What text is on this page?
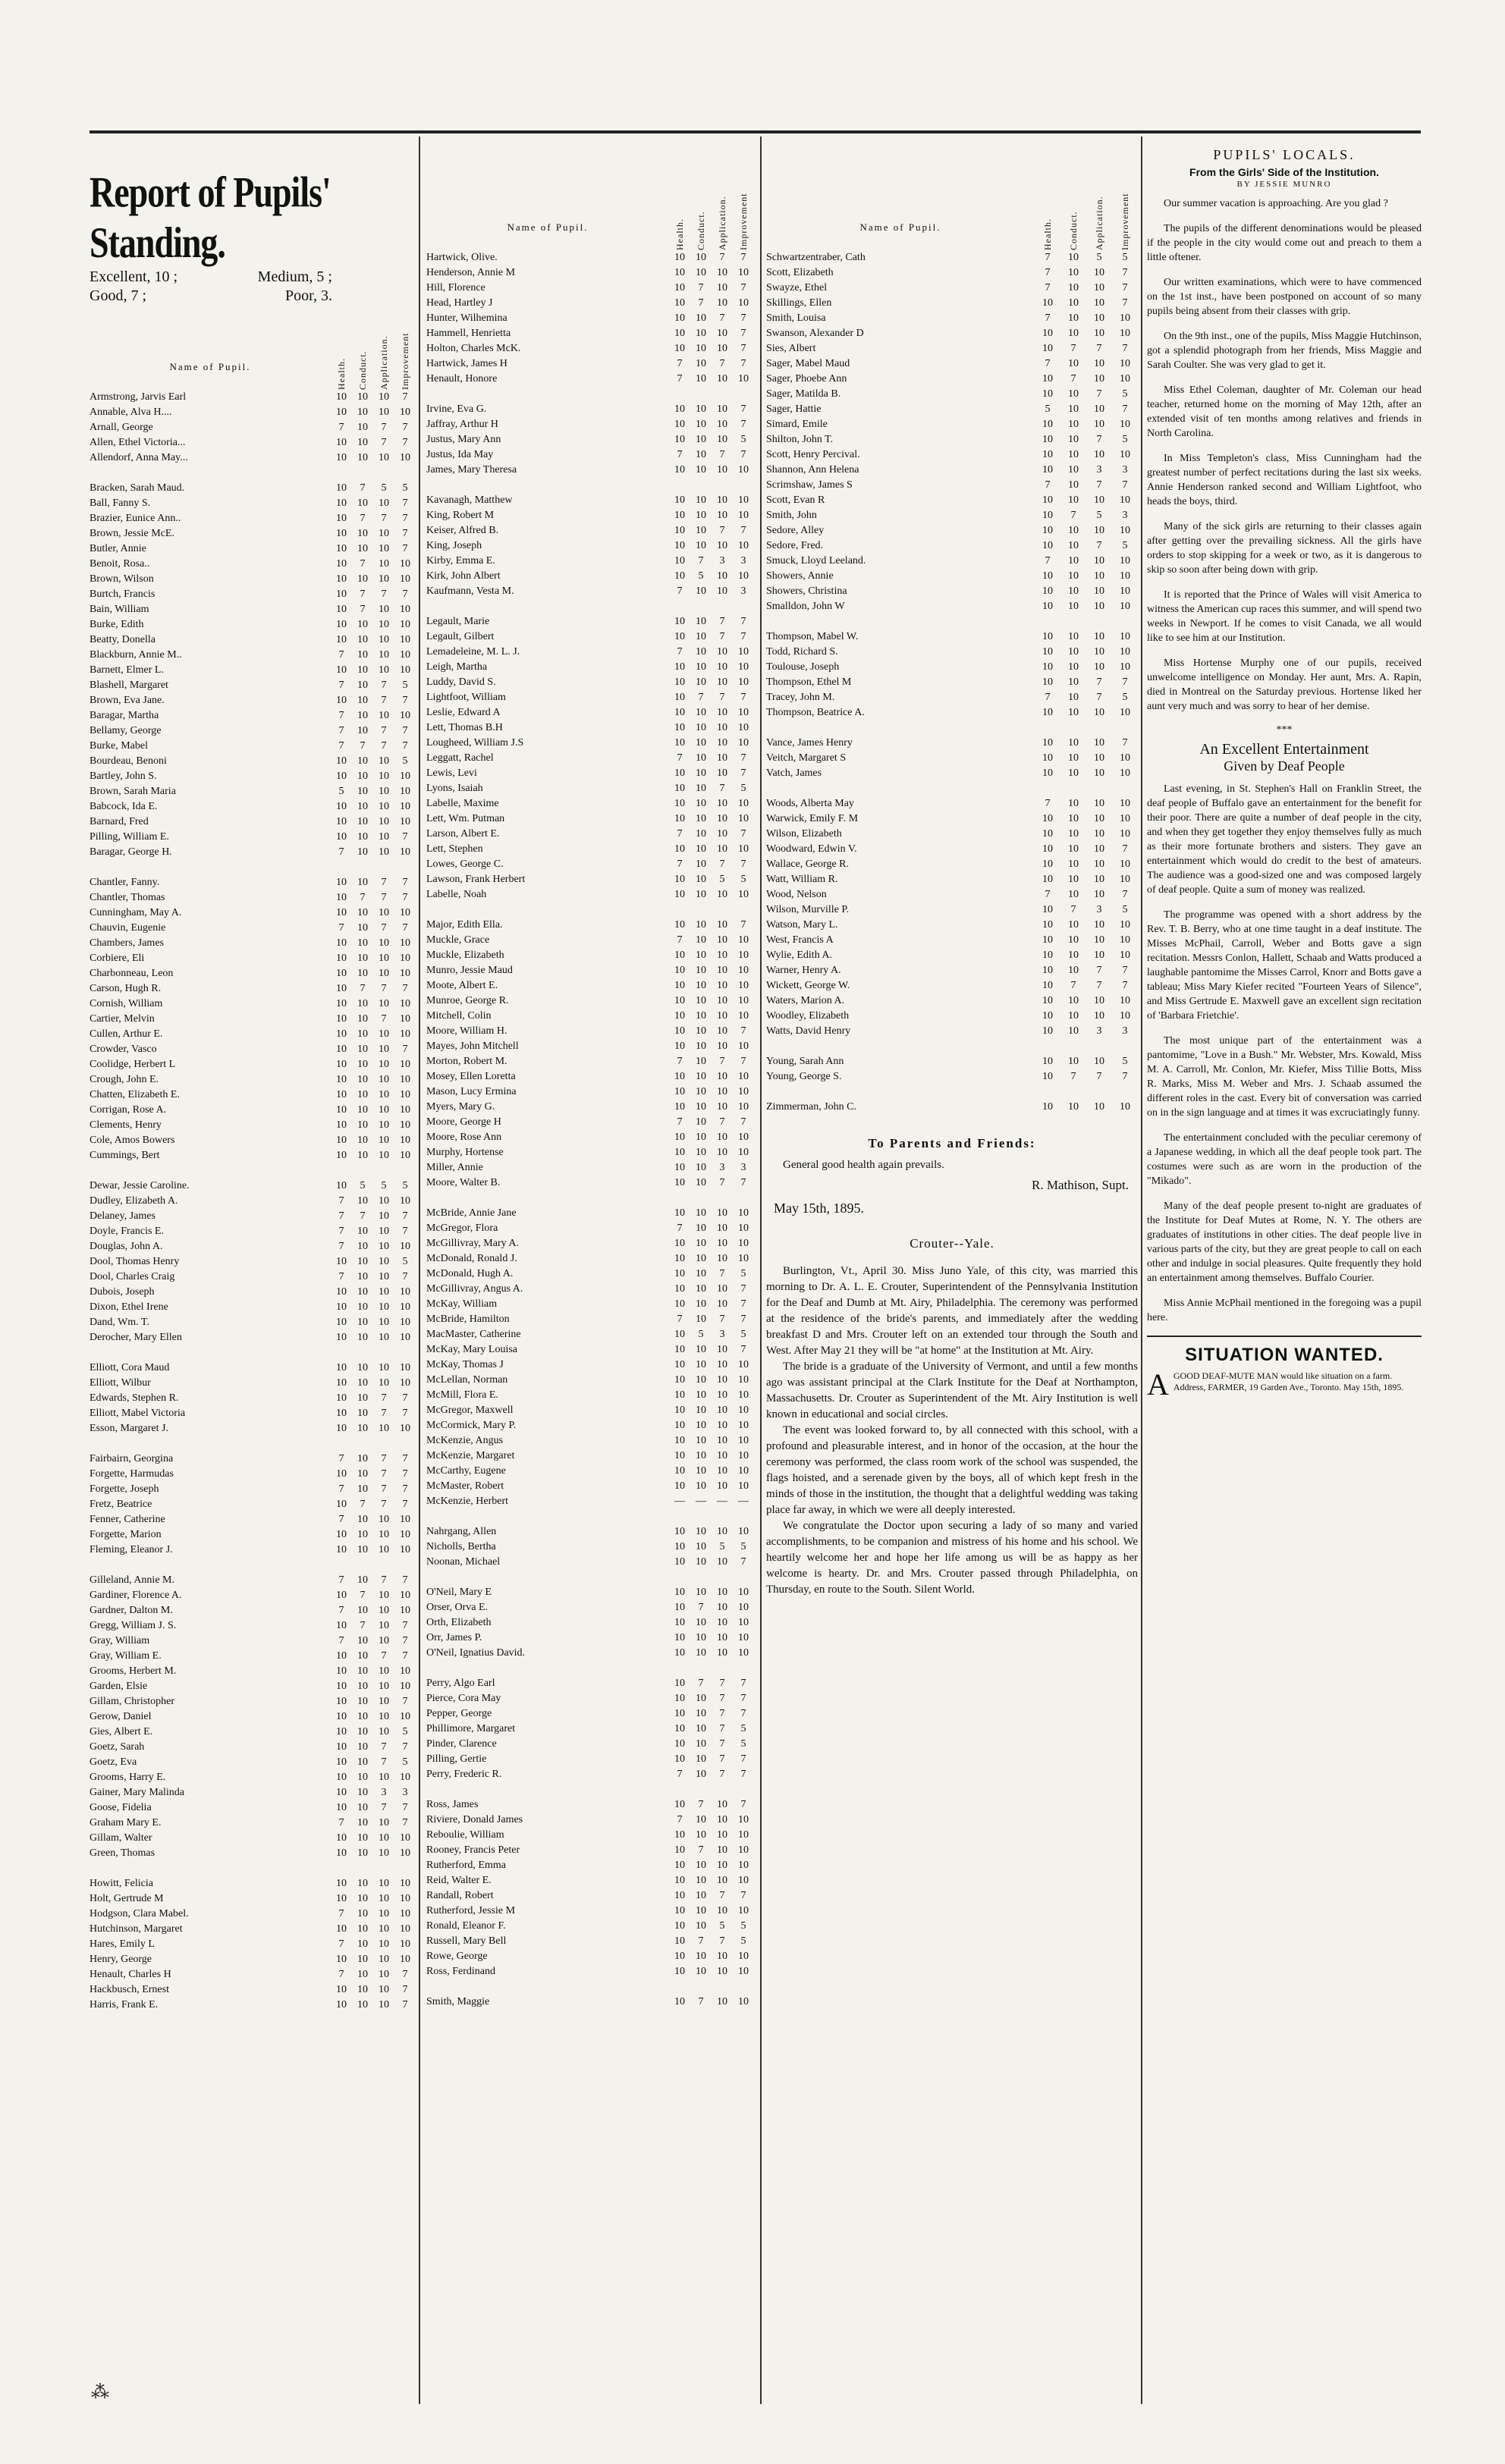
Report of Pupils' Standing.
Excellent, 10 ;	Medium, 5 ;
Good, 7 ;	Poor, 3.
Name of Pupil.	Health.	Conduct.	Application.	Improvement
Armstrong, Jarvis Earl	10	10	10	7
Annable, Alva H....	10	10	10	10
Arnall, George	7	10	7	7
Allen, Ethel Victoria...	10	10	7	7
Allendorf, Anna May...	10	10	10	10

Bracken, Sarah Maud.	10	7	5	5
Ball, Fanny S.	10	10	10	7
Brazier, Eunice Ann..	10	7	7	7
Brown, Jessie McE.	10	10	10	7
Butler, Annie	10	10	10	7
Benoit, Rosa..	10	7	10	10
Brown, Wilson	10	10	10	10
Burtch, Francis	10	7	7	7
Bain, William	10	7	10	10
Burke, Edith	10	10	10	10
Beatty, Donella	10	10	10	10
Blackburn, Annie M..	7	10	10	10
Barnett, Elmer L.	10	10	10	10
Blashell, Margaret	7	10	7	5
Brown, Eva Jane.	10	10	7	7
Baragar, Martha	7	10	10	10
Bellamy, George	7	10	7	7
Burke, Mabel	7	7	7	7
Bourdeau, Benoni	10	10	10	5
Bartley, John S.	10	10	10	10
Brown, Sarah Maria	5	10	10	10
Babcock, Ida E.	10	10	10	10
Barnard, Fred	10	10	10	10
Pilling, William E.	10	10	10	7
Baragar, George H.	7	10	10	10

Chantler, Fanny.	10	10	7	7
Chantler, Thomas	10	7	7	7
Cunningham, May A.	10	10	10	10
Chauvin, Eugenie	7	10	7	7
Chambers, James	10	10	10	10
Corbiere, Eli	10	10	10	10
Charbonneau, Leon	10	10	10	10
Carson, Hugh R.	10	7	7	7
Cornish, William	10	10	10	10
Cartier, Melvin	10	10	7	10
Cullen, Arthur E.	10	10	10	10
Crowder, Vasco	10	10	10	7
Coolidge, Herbert L	10	10	10	10
Crough, John E.	10	10	10	10
Chatten, Elizabeth E.	10	10	10	10
Corrigan, Rose A.	10	10	10	10
Clements, Henry	10	10	10	10
Cole, Amos Bowers	10	10	10	10
Cummings, Bert	10	10	10	10

Dewar, Jessie Caroline.	10	5	5	5
Dudley, Elizabeth A.	7	10	10	10
Delaney, James	7	7	10	7
Doyle, Francis E.	7	10	10	7
Douglas, John A.	7	10	10	10
Dool, Thomas Henry	10	10	10	5
Dool, Charles Craig	7	10	10	7
Dubois, Joseph	10	10	10	10
Dixon, Ethel Irene	10	10	10	10
Dand, Wm. T.	10	10	10	10
Derocher, Mary Ellen	10	10	10	10

Elliott, Cora Maud	10	10	10	10
Elliott, Wilbur	10	10	10	10
Edwards, Stephen R.	10	10	7	7
Elliott, Mabel Victoria	10	10	7	7
Esson, Margaret J.	10	10	10	10

Fairbairn, Georgina	7	10	7	7
Forgette, Harmudas	10	10	7	7
Forgette, Joseph	7	10	7	7
Fretz, Beatrice	10	7	7	7
Fenner, Catherine	7	10	10	10
Forgette, Marion	10	10	10	10
Fleming, Eleanor J.	10	10	10	10

Gilleland, Annie M.	7	10	7	7
Gardiner, Florence A.	10	7	10	10
Gardner, Dalton M.	7	10	10	10
Gregg, William J. S.	10	7	10	7
Gray, William	7	10	10	7
Gray, William E.	10	10	7	7
Grooms, Herbert M.	10	10	10	10
Garden, Elsie	10	10	10	10
Gillam, Christopher	10	10	10	7
Gerow, Daniel	10	10	10	10
Gies, Albert E.	10	10	10	5
Goetz, Sarah	10	10	7	7
Goetz, Eva	10	10	7	5
Grooms, Harry E.	10	10	10	10
Gainer, Mary Malinda	10	10	3	3
Goose, Fidelia	10	10	7	7
Graham Mary E.	7	10	10	7
Gillam, Walter	10	10	10	10
Green, Thomas	10	10	10	10

Howitt, Felicia	10	10	10	10
Holt, Gertrude M	10	10	10	10
Hodgson, Clara Mabel.	7	10	10	10
Hutchinson, Margaret	10	10	10	10
Hares, Emily L	7	10	10	10
Henry, George	10	10	10	10
Henault, Charles H	7	10	10	7
Hackbusch, Ernest	10	10	10	7
Harris, Frank E.	10	10	10	7
Name of Pupil.	Health.	Conduct.	Application.	Improvement
Hartwick, Olive.	10	10	7	7
Henderson, Annie M	10	10	10	10
Hill, Florence	10	7	10	7
Head, Hartley J	10	7	10	10
Hunter, Wilhemina	10	10	7	7
Hammell, Henrietta	10	10	10	7
Holton, Charles McK.	10	10	10	7
Hartwick, James H	7	10	7	7
Henault, Honore	7	10	10	10

Irvine, Eva G.	10	10	10	7
Jaffray, Arthur H	10	10	10	7
Justus, Mary Ann	10	10	10	5
Justus, Ida May	7	10	7	7
James, Mary Theresa	10	10	10	10

Kavanagh, Matthew	10	10	10	10
King, Robert M	10	10	10	10
Keiser, Alfred B.	10	10	7	7
King, Joseph	10	10	10	10
Kirby, Emma E.	10	7	3	3
Kirk, John Albert	10	5	10	10
Kaufmann, Vesta M.	7	10	10	3

Legault, Marie	10	10	7	7
Legault, Gilbert	10	10	7	7
Lemadeleine, M. L. J.	7	10	10	10
Leigh, Martha	10	10	10	10
Luddy, David S.	10	10	10	10
Lightfoot, William	10	7	7	7
Leslie, Edward A	10	10	10	10
Lett, Thomas B.H	10	10	10	10
Lougheed, William J.S	10	10	10	10
Leggatt, Rachel	7	10	10	7
Lewis, Levi	10	10	10	7
Lyons, Isaiah	10	10	7	5
Labelle, Maxime	10	10	10	10
Lett, Wm. Putman	10	10	10	10
Larson, Albert E.	7	10	10	7
Lett, Stephen	10	10	10	10
Lowes, George C.	7	10	7	7
Lawson, Frank Herbert	10	10	5	5
Labelle, Noah	10	10	10	10

Major, Edith Ella.	10	10	10	7
Muckle, Grace	7	10	10	10
Muckle, Elizabeth	10	10	10	10
Munro, Jessie Maud	10	10	10	10
Moote, Albert E.	10	10	10	10
Munroe, George R.	10	10	10	10
Mitchell, Colin	10	10	10	10
Moore, William H.	10	10	10	7
Mayes, John Mitchell	10	10	10	10
Morton, Robert M.	7	10	7	7
Mosey, Ellen Loretta	10	10	10	10
Mason, Lucy Ermina	10	10	10	10
Myers, Mary G.	10	10	10	10
Moore, George H	7	10	7	7
Moore, Rose Ann	10	10	10	10
Murphy, Hortense	10	10	10	10
Miller, Annie	10	10	3	3
Moore, Walter B.	10	10	7	7

McBride, Annie Jane	10	10	10	10
McGregor, Flora	7	10	10	10
McGillivray, Mary A.	10	10	10	10
McDonald, Ronald J.	10	10	10	10
McDonald, Hugh A.	10	10	7	5
McGillivray, Angus A.	10	10	10	7
McKay, William	10	10	10	7
McBride, Hamilton	7	10	7	7
MacMaster, Catherine	10	5	3	5
McKay, Mary Louisa	10	10	10	7
McKay, Thomas J	10	10	10	10
McLellan, Norman	10	10	10	10
McMill, Flora E.	10	10	10	10
McGregor, Maxwell	10	10	10	10
McCormick, Mary P.	10	10	10	10
McKenzie, Angus	10	10	10	10
McKenzie, Margaret	10	10	10	10
McCarthy, Eugene	10	10	10	10
McMaster, Robert	10	10	10	10
McKenzie, Herbert	—	—	—	—

Nahrgang, Allen	10	10	10	10
Nicholls, Bertha	10	10	5	5
Noonan, Michael	10	10	10	7

O'Neil, Mary E	10	10	10	10
Orser, Orva E.	10	7	10	10
Orth, Elizabeth	10	10	10	10
Orr, James P.	10	10	10	10
O'Neil, Ignatius David.	10	10	10	10

Perry, Algo Earl	10	7	7	7
Pierce, Cora May	10	10	7	7
Pepper, George	10	10	7	7
Phillimore, Margaret	10	10	7	5
Pinder, Clarence	10	10	7	5
Pilling, Gertie	10	10	7	7
Perry, Frederic R.	7	10	7	7

Ross, James	10	7	10	7
Riviere, Donald James	7	10	10	10
Reboulie, William	10	10	10	10
Rooney, Francis Peter	10	7	10	10
Rutherford, Emma	10	10	10	10
Reid, Walter E.	10	10	10	10
Randall, Robert	10	10	7	7
Rutherford, Jessie M	10	10	10	10
Ronald, Eleanor F.	10	10	5	5
Russell, Mary Bell	10	7	7	5
Rowe, George	10	10	10	10
Ross, Ferdinand	10	10	10	10

Smith, Maggie	10	7	10	10
Name of Pupil.	Health.	Conduct.	Application.	Improvement
Schwartzentraber, Cath	7	10	5	5
Scott, Elizabeth	7	10	10	7
Swayze, Ethel	7	10	10	7
Skillings, Ellen	10	10	10	7
Smith, Louisa	7	10	10	10
Swanson, Alexander D	10	10	10	10
Sies, Albert	10	7	7	7
Sager, Mabel Maud	7	10	10	10
Sager, Phoebe Ann	10	7	10	10
Sager, Matilda B.	10	10	7	5
Sager, Hattie	5	10	10	7
Simard, Emile	10	10	10	10
Shilton, John T.	10	10	7	5
Scott, Henry Percival.	10	10	10	10
Shannon, Ann Helena	10	10	3	3
Scrimshaw, James S	7	10	7	7
Scott, Evan R	10	10	10	10
Smith, John	10	7	5	3
Sedore, Alley	10	10	10	10
Sedore, Fred.	10	10	7	5
Smuck, Lloyd Leeland.	7	10	10	10
Showers, Annie	10	10	10	10
Showers, Christina	10	10	10	10
Smalldon, John W	10	10	10	10

Thompson, Mabel W.	10	10	10	10
Todd, Richard S.	10	10	10	10
Toulouse, Joseph	10	10	10	10
Thompson, Ethel M	10	10	7	7
Tracey, John M.	7	10	7	5
Thompson, Beatrice A.	10	10	10	10

Vance, James Henry	10	10	10	7
Veitch, Margaret S	10	10	10	10
Vatch, James	10	10	10	10

Woods, Alberta May	7	10	10	10
Warwick, Emily F. M	10	10	10	10
Wilson, Elizabeth	10	10	10	10
Woodward, Edwin V.	10	10	10	7
Wallace, George R.	10	10	10	10
Watt, William R.	10	10	10	10
Wood, Nelson	7	10	10	7
Wilson, Murville P.	10	7	3	5
Watson, Mary L.	10	10	10	10
West, Francis A	10	10	10	10
Wylie, Edith A.	10	10	10	10
Warner, Henry A.	10	10	7	7
Wickett, George W.	10	7	7	7
Waters, Marion A.	10	10	10	10
Woodley, Elizabeth	10	10	10	10
Watts, David Henry	10	10	3	3

Young, Sarah Ann	10	10	10	5
Young, George S.	10	7	7	7

Zimmerman, John C.	10	10	10	10
To Parents and Friends:

General good health again prevails.

R. Mathison, Supt.
May 15th, 1895.
Crouter--Yale.

Burlington, Vt., April 30. Miss Juno Yale, of this city, was married this morning to Dr. A. L. E. Crouter, Superintendent of the Pennsylvania Institution for the Deaf and Dumb at Mt. Airy, Philadelphia. The ceremony was performed at the residence of the bride's parents, and immediately after the wedding breakfast D and Mrs. Crouter left on an extended tour through the South and West. After May 21 they will be "at home" at the Institution at Mt. Airy.

The bride is a graduate of the University of Vermont, and until a few months ago was assistant principal at the Clark Institute for the Deaf at Northampton, Massachusetts. Dr. Crouter as Superintendent of the Mt. Airy Institution is well known in educational and social circles.

The event was looked forward to, by all connected with this school, with a profound and pleasurable interest, and in honor of the occasion, at the hour the ceremony was performed, the class room work of the school was suspended, the flags hoisted, and a serenade given by the boys, all of which kept fresh in the minds of those in the institution, the thought that a delightful wedding was taking place far away, in which we were all deeply interested.

We congratulate the Doctor upon securing a lady of so many and varied accomplishments, to be companion and mistress of his home and his school. We heartily welcome her and hope her life among us will be as happy as her welcome is hearty. Dr. and Mrs. Crouter passed through Philadelphia, on Thursday, en route to the South. Silent World.

PUPILS' LOCALS.
From the Girls' Side of the Institution.
BY JESSIE MUNRO

Our summer vacation is approaching. Are you glad ?

The pupils of the different denominations would be pleased if the people in the city would come out and preach to them a little oftener.

Our written examinations, which were to have commenced on the 1st inst., have been postponed on account of so many pupils being absent from their classes with grip.

On the 9th inst., one of the pupils, Miss Maggie Hutchinson, got a splendid photograph from her friends, Miss Maggie and Sarah Coulter. She was very glad to get it.

Miss Ethel Coleman, daughter of Mr. Coleman our head teacher, returned home on the morning of May 12th, after an extended visit of ten months among relatives and friends in North Carolina.

In Miss Templeton's class, Miss Cunningham had the greatest number of perfect recitations during the last six weeks. Annie Henderson ranked second and William Lightfoot, who heads the boys, third.

Many of the sick girls are returning to their classes again after getting over the prevailing sickness. All the girls have orders to stop skipping for a week or two, as it is dangerous to skip so soon after being down with grip.

It is reported that the Prince of Wales will visit America to witness the American cup races this summer, and will spend two weeks in Newport. If he comes to visit Canada, we all would like to see him at our Institution.

Miss Hortense Murphy one of our pupils, received unwelcome intelligence on Monday. Her aunt, Mrs. A. Rapin, died in Montreal on the Saturday previous. Hortense liked her aunt very much and was sorry to hear of her demise.

***
An Excellent Entertainment
Given by Deaf People

Last evening, in St. Stephen's Hall on Franklin Street, the deaf people of Buffalo gave an entertainment for the benefit for their poor. There are quite a number of deaf people in the city, and when they get together they enjoy themselves fully as much as their more fortunate brothers and sisters. They gave an entertainment which would do credit to the best of amateurs. The audience was a good-sized one and was composed largely of deaf people. Quite a sum of money was realized.

The programme was opened with a short address by the Rev. T. B. Berry, who at one time taught in a deaf institute. The Misses McPhail, Carroll, Weber and Botts gave a sign recitation. Messrs Conlon, Hallett, Schaab and Watts produced a laughable pantomime the Misses Carrol, Knorr and Botts gave a tableau; Miss Mary Kiefer recited "Fourteen Years of Silence", and Miss Gertrude E. Maxwell gave an excellent sign recitation of 'Barbara Frietchie'.

The most unique part of the entertainment was a pantomime, "Love in a Bush." Mr. Webster, Mrs. Kowald, Miss M. A. Carroll, Mr. Conlon, Mr. Kiefer, Miss Tillie Botts, Miss R. Marks, Miss M. Weber and Mrs. J. Schaab assumed the different roles in the cast. Every bit of conversation was carried on in the sign language and at times it was excruciatingly funny.

The entertainment concluded with the peculiar ceremony of a Japanese wedding, in which all the deaf people took part. The costumes were such as are worn in the production of the "Mikado".

Many of the deaf people present to-night are graduates of the Institute for Deaf Mutes at Rome, N. Y. The others are graduates of institutions in other cities. The deaf people live in various parts of the city, but they are great people to call on each other and indulge in social pleasures. Quite frequently they hold an entertainment among themselves. Buffalo Courier.

Miss Annie McPhail mentioned in the foregoing was a pupil here.

SITUATION WANTED.
A GOOD DEAF-MUTE MAN would like situation on a farm. Address, FARMER, 19 Garden Ave., Toronto. May 15th, 1895.
⁂
